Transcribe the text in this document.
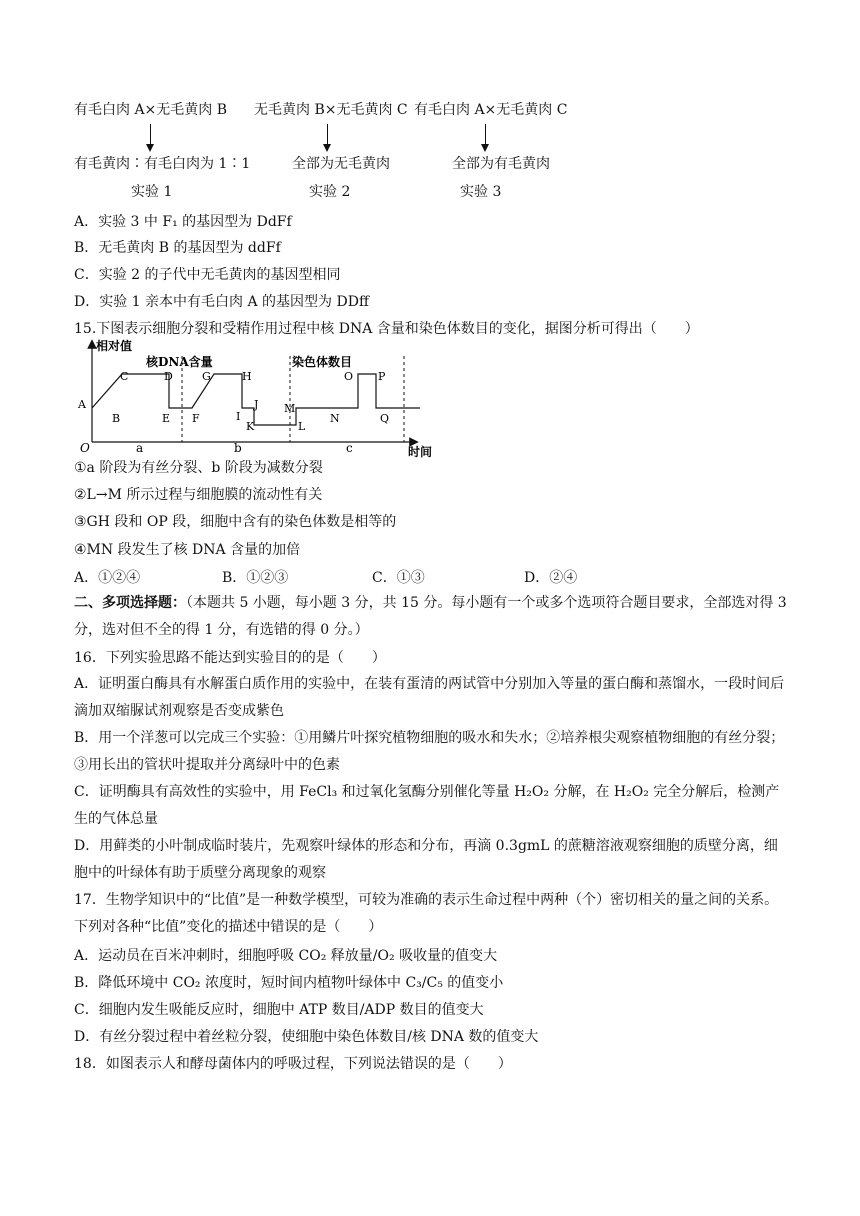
有毛白肉 A×无毛黄肉 B
有毛黄肉∶有毛白肉为 1∶1
实验 1
无毛黄肉 B×无毛黄肉 C
全部为无毛黄肉
实验 2
有毛白肉 A×无毛黄肉 C
全部为有毛黄肉
实验 3
A．实验 3 中 F₁ 的基因型为 DdFf
B．无毛黄肉 B 的基因型为 ddFf
C．实验 2 的子代中无毛黄肉的基因型相同
D．实验 1 亲本中有毛白肉 A 的基因型为 DDff
15.下图表示细胞分裂和受精作用过程中核 DNA 含量和染色体数目的变化，据图分析可得出（　　）
相对值
时间
O
核DNA含量	染色体数目
a	b	c
A
B
C	D
E F
G	H
I
J
K	L
M
N
O P
Q
①a 阶段为有丝分裂、b 阶段为减数分裂
②L→M 所示过程与细胞膜的流动性有关
③GH 段和 OP 段，细胞中含有的染色体数是相等的
④MN 段发生了核 DNA 含量的加倍
A．①②④	B．①②③	C．①③	D．②④
二、多项选择题：（本题共 5 小题，每小题 3 分，共 15 分。每小题有一个或多个选项符合题目要求，全部选对得 3 分，选对但不全的得 1 分，有选错的得 0 分。）
16．下列实验思路不能达到实验目的的是（　　）
A．证明蛋白酶具有水解蛋白质作用的实验中，在装有蛋清的两试管中分别加入等量的蛋白酶和蒸馏水，一段时间后滴加双缩脲试剂观察是否变成紫色
B．用一个洋葱可以完成三个实验：①用鳞片叶探究植物细胞的吸水和失水；②培养根尖观察植物细胞的有丝分裂；③用长出的管状叶提取并分离绿叶中的色素
C．证明酶具有高效性的实验中，用 FeCl₃ 和过氧化氢酶分别催化等量 H₂O₂ 分解，在 H₂O₂ 完全分解后，检测产生的气体总量
D．用藓类的小叶制成临时装片，先观察叶绿体的形态和分布，再滴 0.3gmL 的蔗糖溶液观察细胞的质壁分离，细胞中的叶绿体有助于质壁分离现象的观察
17．生物学知识中的“比值”是一种数学模型，可较为准确的表示生命过程中两种（个）密切相关的量之间的关系。下列对各种“比值”变化的描述中错误的是（　　）
A．运动员在百米冲刺时，细胞呼吸 CO₂ 释放量/O₂ 吸收量的值变大
B．降低环境中 CO₂ 浓度时，短时间内植物叶绿体中 C₃/C₅ 的值变小
C．细胞内发生吸能反应时，细胞中 ATP 数目/ADP 数目的值变大
D．有丝分裂过程中着丝粒分裂，使细胞中染色体数目/核 DNA 数的值变大
18．如图表示人和酵母菌体内的呼吸过程，下列说法错误的是（　　）
